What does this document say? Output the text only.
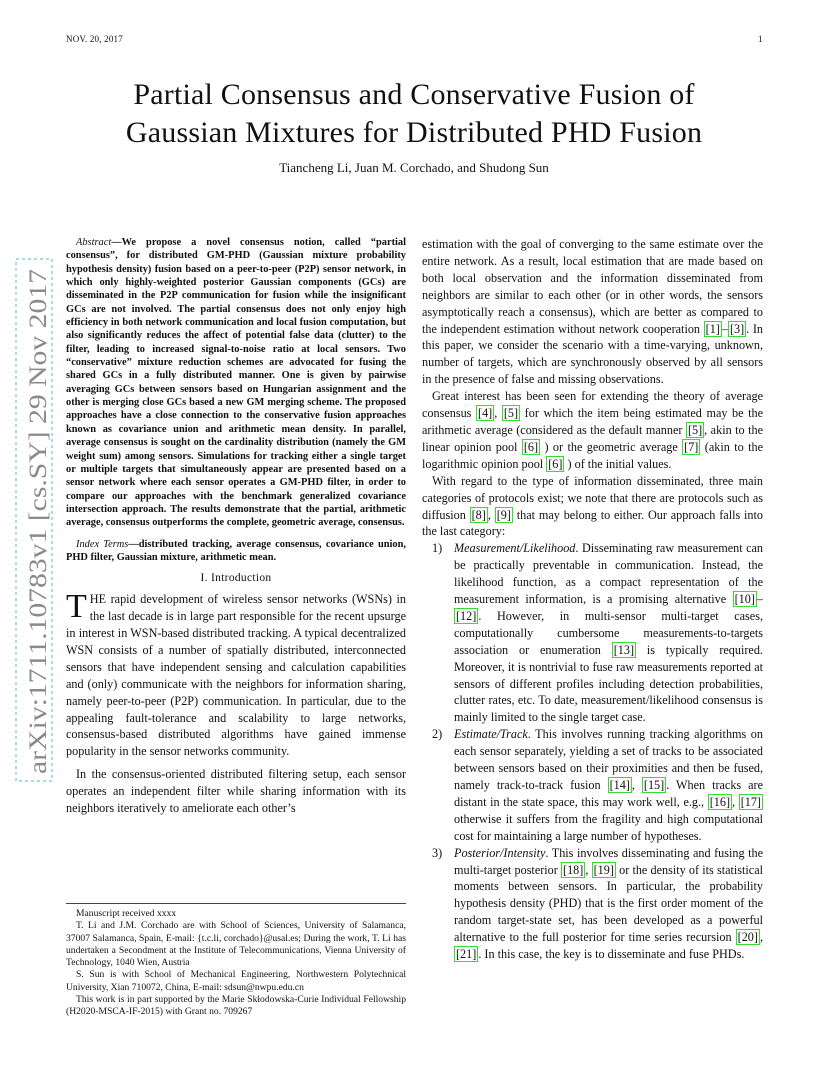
NOV. 20, 2017	1
arXiv:1711.10783v1 [cs.SY] 29 Nov 2017
Partial Consensus and Conservative Fusion of
Gaussian Mixtures for Distributed PHD Fusion
Tiancheng Li, Juan M. Corchado, and Shudong Sun

Abstract—We propose a novel consensus notion, called “partial consensus”, for distributed GM-PHD (Gaussian mixture probability hypothesis density) fusion based on a peer-to-peer (P2P) sensor network, in which only highly-weighted posterior Gaussian components (GCs) are disseminated in the P2P communication for fusion while the insignificant GCs are not involved. The partial consensus does not only enjoy high efficiency in both network communication and local fusion computation, but also significantly reduces the affect of potential false data (clutter) to the filter, leading to increased signal-to-noise ratio at local sensors. Two “conservative” mixture reduction schemes are advocated for fusing the shared GCs in a fully distributed manner. One is given by pairwise averaging GCs between sensors based on Hungarian assignment and the other is merging close GCs based a new GM merging scheme. The proposed approaches have a close connection to the conservative fusion approaches known as covariance union and arithmetic mean density. In parallel, average consensus is sought on the cardinality distribution (namely the GM weight sum) among sensors. Simulations for tracking either a single target or multiple targets that simultaneously appear are presented based on a sensor network where each sensor operates a GM-PHD filter, in order to compare our approaches with the benchmark generalized covariance intersection approach. The results demonstrate that the partial, arithmetic average, consensus outperforms the complete, geometric average, consensus.

Index Terms—distributed tracking, average consensus, covariance union, PHD filter, Gaussian mixture, arithmetic mean.

I. Introduction

THE rapid development of wireless sensor networks (WSNs) in the last decade is in large part responsible for the recent upsurge in interest in WSN-based distributed tracking. A typical decentralized WSN consists of a number of spatially distributed, interconnected sensors that have independent sensing and calculation capabilities and (only) communicate with the neighbors for information sharing, namely peer-to-peer (P2P) communication. In particular, due to the appealing fault-tolerance and scalability to large networks, consensus-based distributed algorithms have gained immense popularity in the sensor networks community.

In the consensus-oriented distributed filtering setup, each sensor operates an independent filter while sharing information with its neighbors iteratively to ameliorate each other’s

Manuscript received xxxx

T. Li and J.M. Corchado are with School of Sciences, University of Salamanca, 37007 Salamanca, Spain, E-mail: {t.c.li, corchado}@usal.es; During the work, T. Li has undertaken a Secondment at the Institute of Telecommunications, Vienna University of Technology, 1040 Wien, Austria

S. Sun is with School of Mechanical Engineering, Northwestern Polytechnical University, Xian 710072, China, E-mail: sdsun@nwpu.edu.cn

This work is in part supported by the Marie Skłodowska-Curie Individual Fellowship (H2020-MSCA-IF-2015) with Grant no. 709267

estimation with the goal of converging to the same estimate over the entire network. As a result, local estimation that are made based on both local observation and the information disseminated from neighbors are similar to each other (or in other words, the sensors asymptotically reach a consensus), which are better as compared to the independent estimation without network cooperation [1] – [3] . In this paper, we consider the scenario with a time-varying, unknown, number of targets, which are synchronously observed by all sensors in the presence of false and missing observations.

Great interest has been seen for extending the theory of average consensus [4] , [5] for which the item being estimated may be the arithmetic average (considered as the default manner [5] , akin to the linear opinion pool [6] ) or the geometric average [7] (akin to the logarithmic opinion pool [6] ) of the initial values.

With regard to the type of information disseminated, three main categories of protocols exist; we note that there are protocols such as diffusion [8] , [9] that may belong to either. Our approach falls into the last category:

1) Measurement/Likelihood. Disseminating raw measurement can be practically preventable in communication. Instead, the likelihood function, as a compact representation of the measurement information, is a promising alternative [10] –[12] . However, in multi-sensor multi-target cases, computationally cumbersome measurements-to-targets association or enumeration [13] is typically required. Moreover, it is nontrivial to fuse raw measurements reported at sensors of different profiles including detection probabilities, clutter rates, etc. To date, measurement/likelihood consensus is mainly limited to the single target case.
2) Estimate/Track. This involves running tracking algorithms on each sensor separately, yielding a set of tracks to be associated between sensors based on their proximities and then be fused, namely track-to-track fusion [14] , [15] . When tracks are distant in the state space, this may work well, e.g., [16] , [17] otherwise it suffers from the fragility and high computational cost for maintaining a large number of hypotheses.
3) Posterior/Intensity. This involves disseminating and fusing the multi-target posterior [18] , [19] or the density of its statistical moments between sensors. In particular, the probability hypothesis density (PHD) that is the first order moment of the random target-state set, has been developed as a powerful alternative to the full posterior for time series recursion [20] , [21] . In this case, the key is to disseminate and fuse PHDs.
